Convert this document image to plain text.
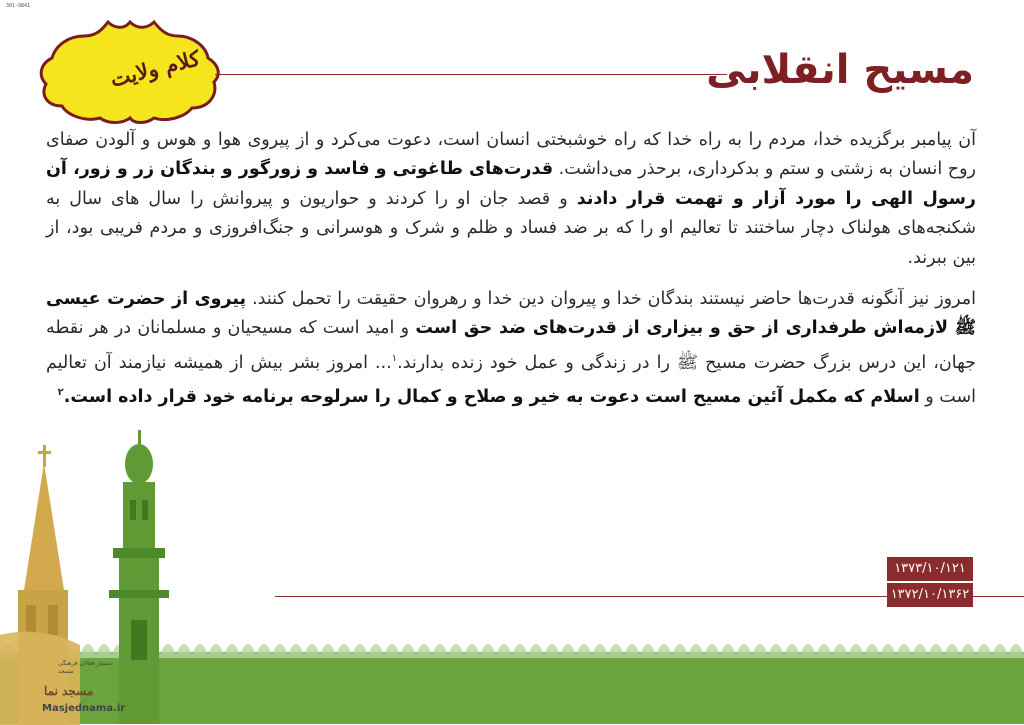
301-9841
کلام ولایت	مسیح انقلابی

آن پیامبر برگزیده خدا، مردم را به راه خدا که راه خوشبختی انسان است، دعوت می‌کرد و از پیروی هوا و هوس و آلودن صفای روح انسان به زشتی و ستم و بدکرداری، برحذر می‌داشت. قدرت‌های طاغوتی و فاسد و زورگور و بندگان زر و زور، آن رسول الهی را مورد آزار و تهمت قرار دادند و قصد جان او را کردند و حواریون و پیروانش را سال های سال به شکنجه‌های هولناک دچار ساختند تا تعالیم او را که بر ضد فساد و ظلم و شرک و هوسرانی و جنگ‌افروزی و مردم فریبی بود، از بین ببرند.

امروز نیز آنگونه قدرت‌ها حاضر نیستند بندگان خدا و پیروان دین خدا و رهروان حقیقت را تحمل کنند. پیروی از حضرت عیسی ﷺ لازمه‌اش طرفداری از حق و بیزاری از قدرت‌های ضد حق است و امید است که مسیحیان و مسلمانان در هر نقطه جهان، این درس بزرگ حضرت مسیح ﷺ را در زندگی و عمل خود زنده بدارند.$^۱$... امروز بشر بیش از همیشه نیازمند آن تعالیم است و اسلام که مکمل آئین مسیح است دعوت به خیر و صلاح و کمال را سرلوحه برنامه خود قرار داده است.$^۲$

۱۳۷۳/۱۰/۱۲۱
۱۳۷۲/۱۰/۱۳۶۲
دستیار فعالان فرهنگی مسجد
مسجد نما
Masjednama.ir
